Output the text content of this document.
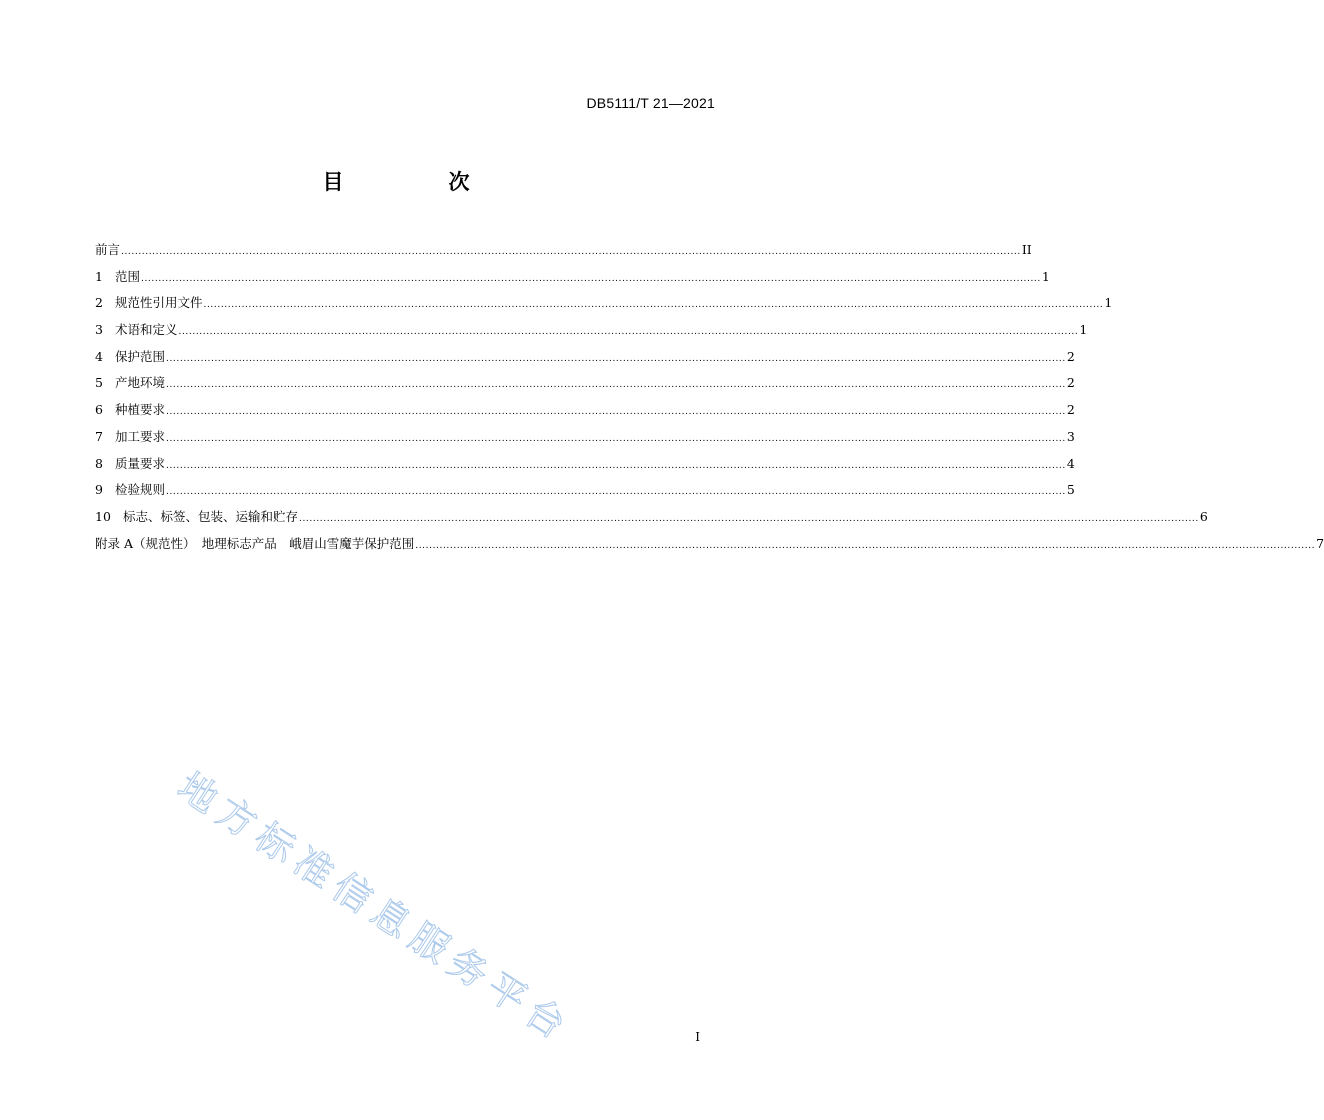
DB5111/T 21—2021
目　次
前言 .................................................................................................................................................................................................................................................................... II
1 范围 .................................................................................................................................................................................................................................................................... 1
2 规范性引用文件 .................................................................................................................................................................................................................................................................... 1
3 术语和定义 .................................................................................................................................................................................................................................................................... 1
4 保护范围 .................................................................................................................................................................................................................................................................... 2
5 产地环境 .................................................................................................................................................................................................................................................................... 2
6 种植要求 .................................................................................................................................................................................................................................................................... 2
7 加工要求 .................................................................................................................................................................................................................................................................... 3
8 质量要求 .................................................................................................................................................................................................................................................................... 4
9 检验规则 .................................................................................................................................................................................................................................................................... 5
10 标志、标签、包装、运输和贮存 .................................................................................................................................................................................................................................................................... 6
附录 A（规范性）　地理标志产品　峨眉山雪魔芋保护范围 .................................................................................................................................................................................................................................................................... 7
地方标准信息服务平台	I
